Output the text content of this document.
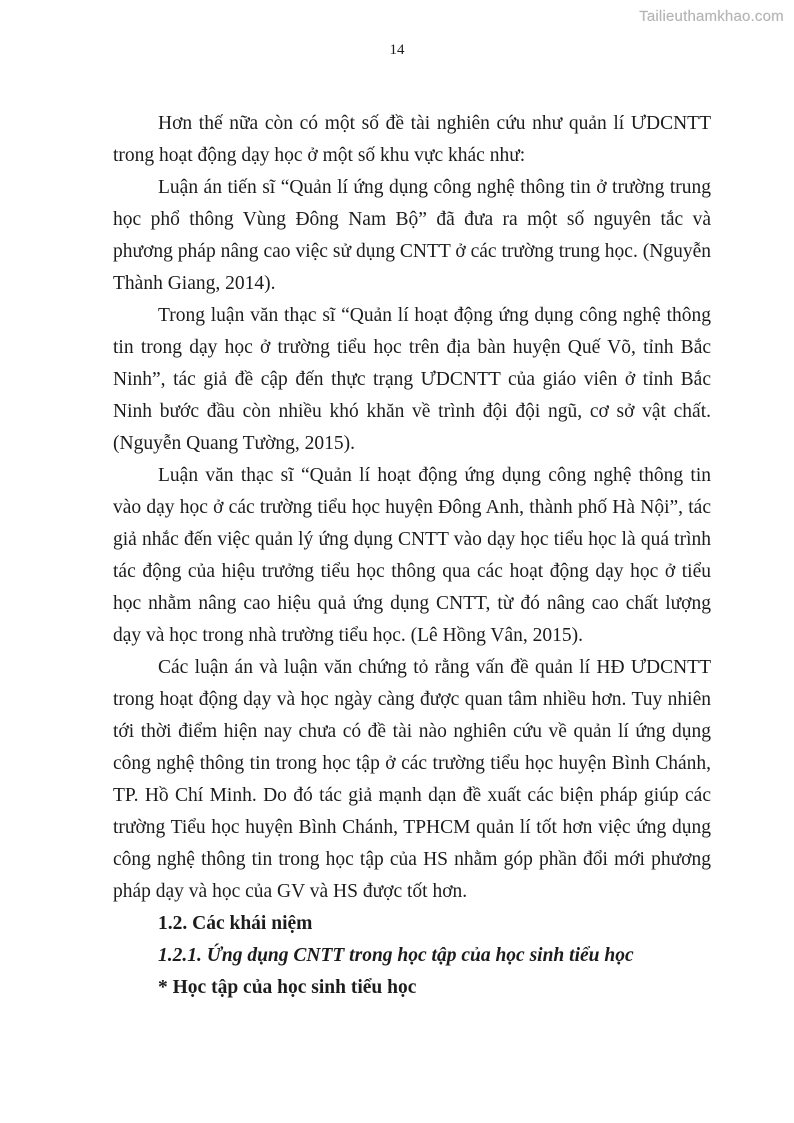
Tailieuthamkhao.com
14

Hơn thế nữa còn có một số đề tài nghiên cứu như quản lí ƯDCNTT trong hoạt động dạy học ở một số khu vực khác như:

Luận án tiến sĩ “Quản lí ứng dụng công nghệ thông tin ở trường trung học phổ thông Vùng Đông Nam Bộ” đã đưa ra một số nguyên tắc và phương pháp nâng cao việc sử dụng CNTT ở các trường trung học. (Nguyễn Thành Giang, 2014).

Trong luận văn thạc sĩ “Quản lí hoạt động ứng dụng công nghệ thông tin trong dạy học ở trường tiểu học trên địa bàn huyện Quế Võ, tỉnh Bắc Ninh”, tác giả đề cập đến thực trạng ƯDCNTT của giáo viên ở tỉnh Bắc Ninh bước đầu còn nhiều khó khăn về trình đội đội ngũ, cơ sở vật chất. (Nguyễn Quang Tường, 2015).

Luận văn thạc sĩ “Quản lí hoạt động ứng dụng công nghệ thông tin vào dạy học ở các trường tiểu học huyện Đông Anh, thành phố Hà Nội”, tác giả nhắc đến việc quản lý ứng dụng CNTT vào dạy học tiểu học là quá trình tác động của hiệu trưởng tiểu học thông qua các hoạt động dạy học ở tiểu học nhằm nâng cao hiệu quả ứng dụng CNTT, từ đó nâng cao chất lượng dạy và học trong nhà trường tiểu học. (Lê Hồng Vân, 2015).

Các luận án và luận văn chứng tỏ rằng vấn đề quản lí HĐ ƯDCNTT trong hoạt động dạy và học ngày càng được quan tâm nhiều hơn. Tuy nhiên tới thời điểm hiện nay chưa có đề tài nào nghiên cứu về quản lí ứng dụng công nghệ thông tin trong học tập ở các trường tiểu học huyện Bình Chánh, TP. Hồ Chí Minh. Do đó tác giả mạnh dạn đề xuất các biện pháp giúp các trường Tiểu học huyện Bình Chánh, TPHCM quản lí tốt hơn việc ứng dụng công nghệ thông tin trong học tập của HS nhằm góp phần đổi mới phương pháp dạy và học của GV và HS được tốt hơn.

1.2. Các khái niệm

1.2.1. Ứng dụng CNTT trong học tập của học sinh tiểu học

* Học tập của học sinh tiểu học
